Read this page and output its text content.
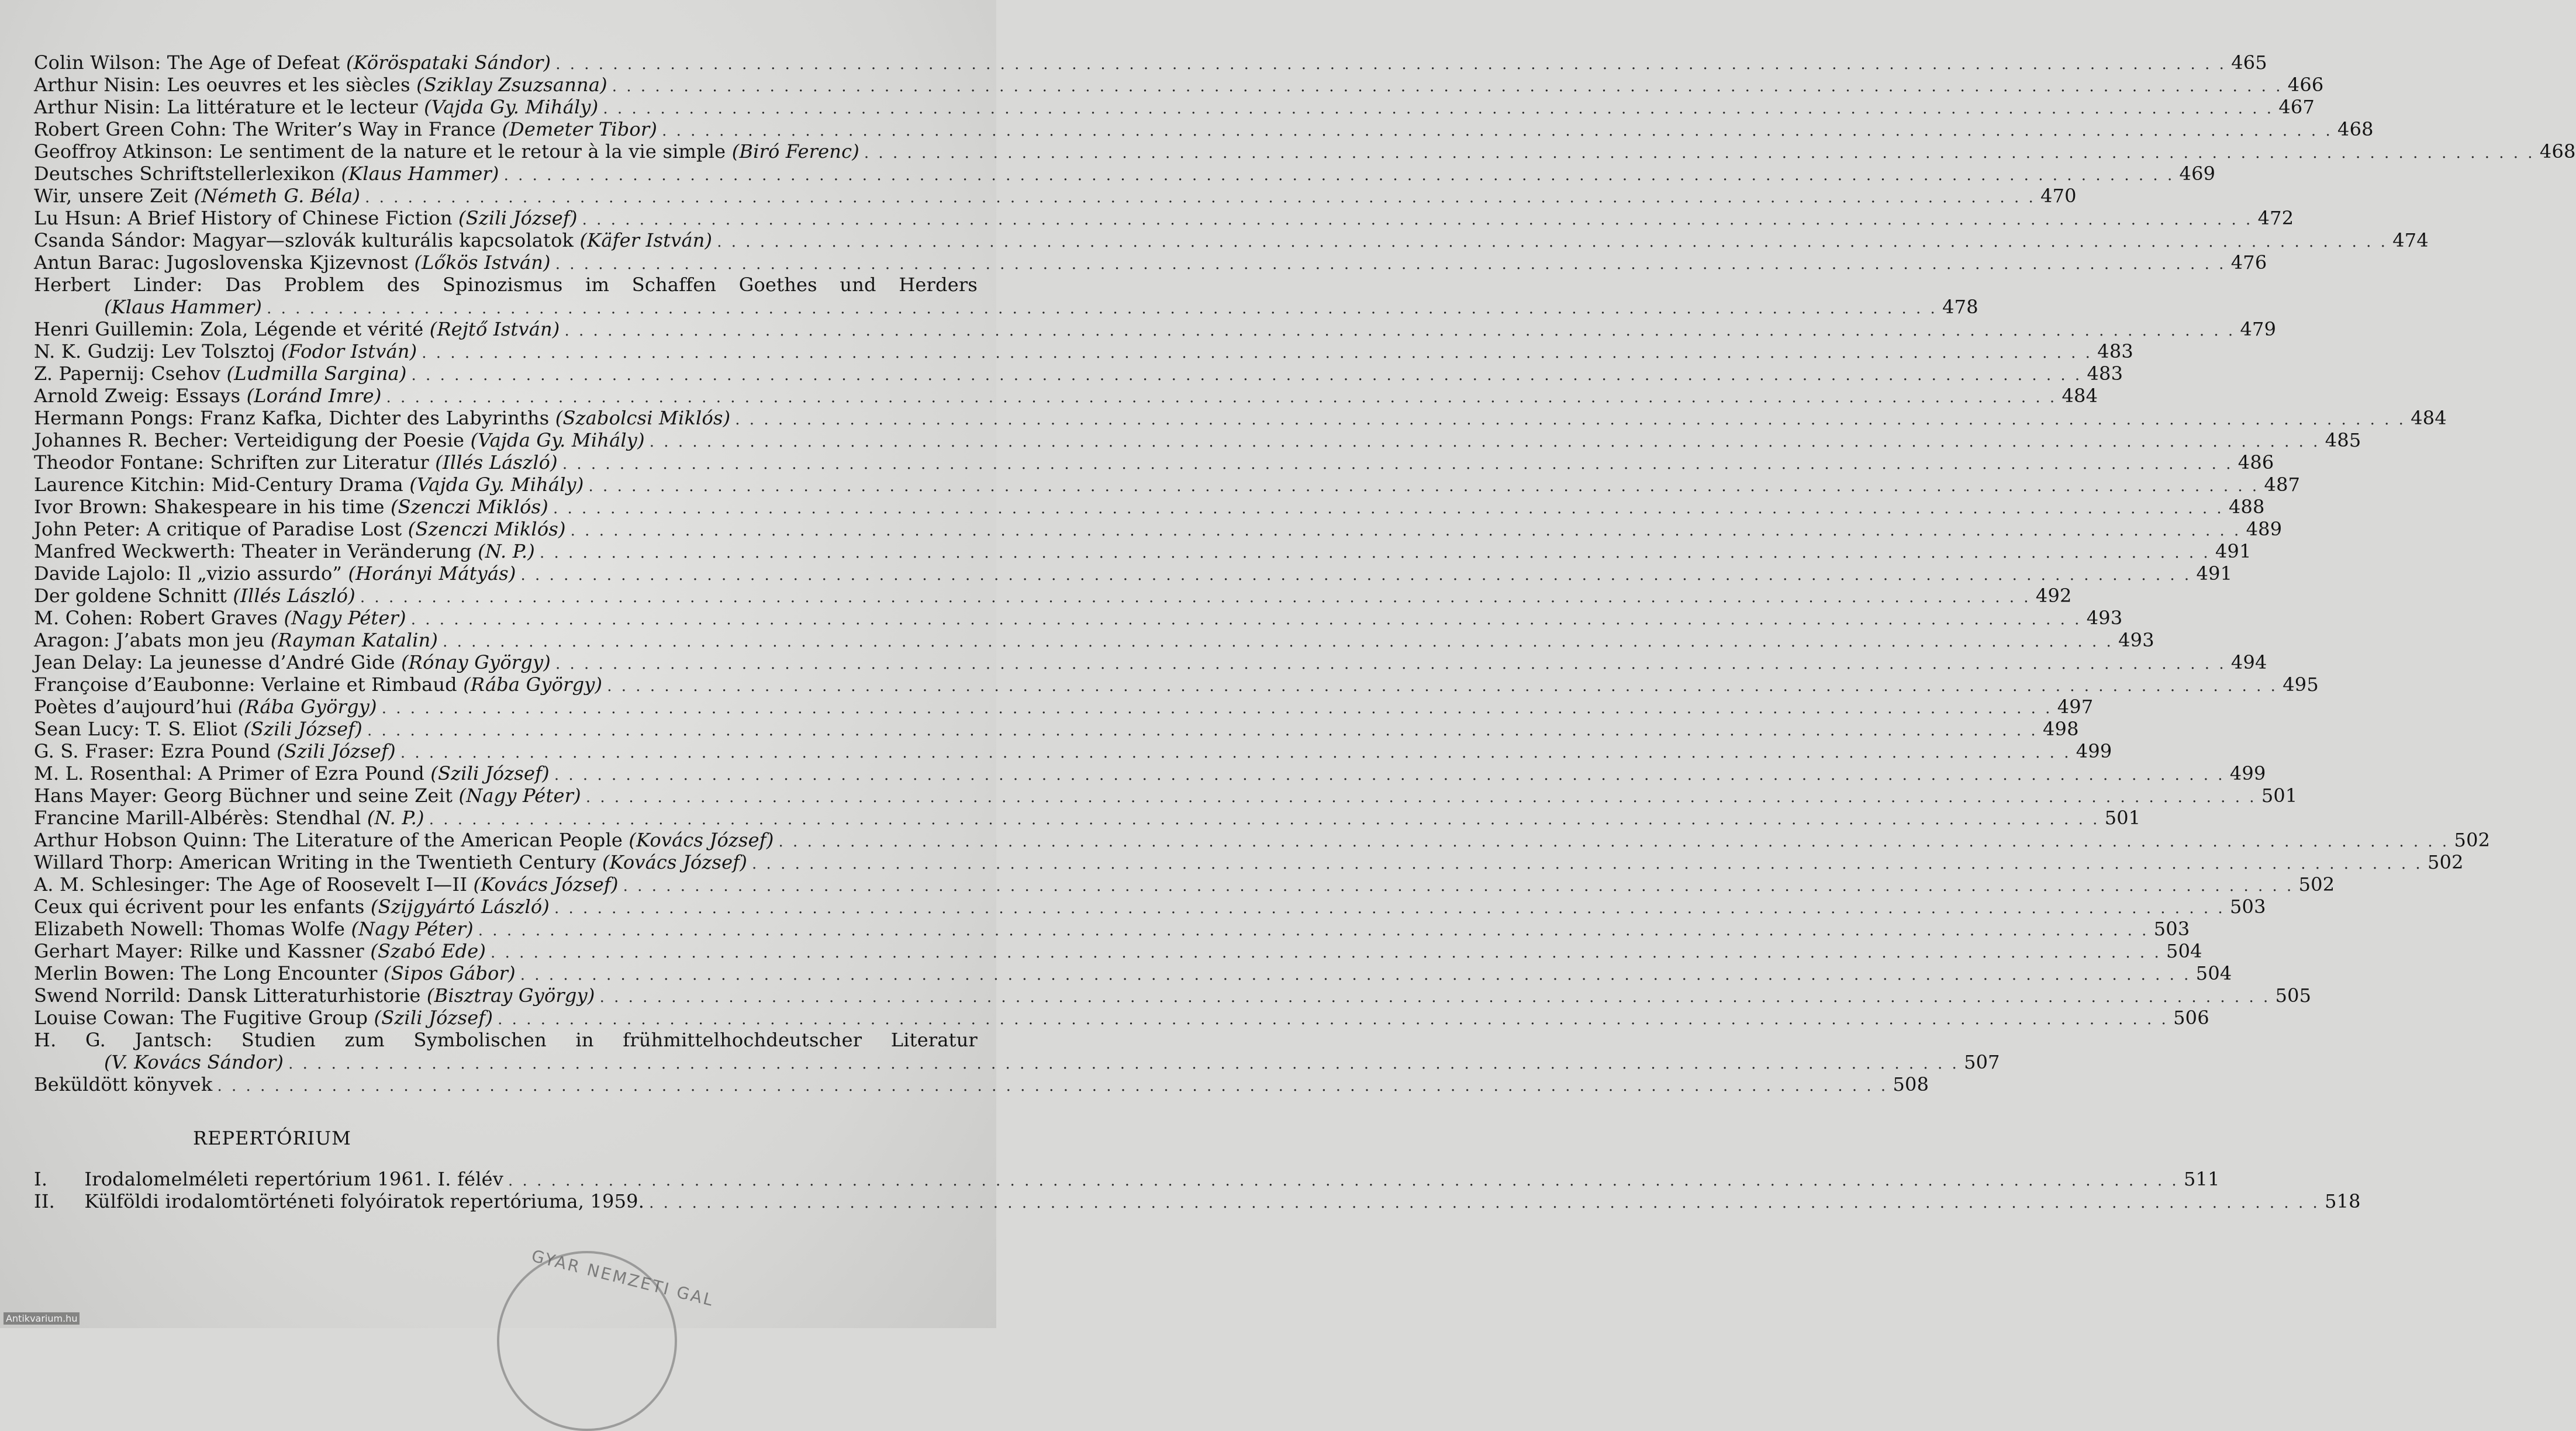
Colin Wilson: The Age of Defeat (Köröspataki Sándor) . . .	465
Arthur Nisin: Les oeuvres et les siècles (Sziklay Zsuzsanna) . . .	466
Arthur Nisin: La littérature et le lecteur (Vajda Gy. Mihály) . . .	467
Robert Green Cohn: The Writer’s Way in France (Demeter Tibor) . . .	468
Geoffroy Atkinson: Le sentiment de la nature et le retour à la vie simple (Biró Ferenc) . . .	468
Deutsches Schriftstellerlexikon (Klaus Hammer) . . .	469
Wir, unsere Zeit (Németh G. Béla) . . .	470
Lu Hsun: A Brief History of Chinese Fiction (Szili József) . . .	472
Csanda Sándor: Magyar—szlovák kulturális kapcsolatok (Käfer István) . . .	474
Antun Barac: Jugoslovenska Kjizevnost (Lőkös István) . . .	476
Herbert Linder: Das Problem des Spinozismus im Schaffen Goethes und Herders
(Klaus Hammer) . . .	478
Henri Guillemin: Zola, Légende et vérité (Rejtő István) . . .	479
N. K. Gudzij: Lev Tolsztoj (Fodor István) . . .	483
Z. Papernij: Csehov (Ludmilla Sargina) . . .	483
Arnold Zweig: Essays (Loránd Imre) . . .	484
Hermann Pongs: Franz Kafka, Dichter des Labyrinths (Szabolcsi Miklós) . . .	484
Johannes R. Becher: Verteidigung der Poesie (Vajda Gy. Mihály) . . .	485
Theodor Fontane: Schriften zur Literatur (Illés László) . . .	486
Laurence Kitchin: Mid-Century Drama (Vajda Gy. Mihály) . . .	487
Ivor Brown: Shakespeare in his time (Szenczi Miklós) . . .	488
John Peter: A critique of Paradise Lost (Szenczi Miklós) . . .	489
Manfred Weckwerth: Theater in Veränderung (N. P.) . . .	491
Davide Lajolo: Il „vizio assurdo” (Horányi Mátyás) . . .	491
Der goldene Schnitt (Illés László) . . .	492
M. Cohen: Robert Graves (Nagy Péter) . . .	493
Aragon: J’abats mon jeu (Rayman Katalin) . . .	493
Jean Delay: La jeunesse d’André Gide (Rónay György) . . .	494
Françoise d’Eaubonne: Verlaine et Rimbaud (Rába György) . . .	495
Poètes d’aujourd’hui (Rába György) . . .	497
Sean Lucy: T. S. Eliot (Szili József) . . .	498
G. S. Fraser: Ezra Pound (Szili József) . . .	499
M. L. Rosenthal: A Primer of Ezra Pound (Szili József) . . .	499
Hans Mayer: Georg Büchner und seine Zeit (Nagy Péter) . . .	501
Francine Marill-Albérès: Stendhal (N. P.) . . .	501
Arthur Hobson Quinn: The Literature of the American People (Kovács József) . . .	502
Willard Thorp: American Writing in the Twentieth Century (Kovács József) . . .	502
A. M. Schlesinger: The Age of Roosevelt I—II (Kovács József) . . .	502
Ceux qui écrivent pour les enfants (Szijgyártó László) . . .	503
Elizabeth Nowell: Thomas Wolfe (Nagy Péter) . . .	503
Gerhart Mayer: Rilke und Kassner (Szabó Ede) . . .	504
Merlin Bowen: The Long Encounter (Sipos Gábor) . . .	504
Swend Norrild: Dansk Litteraturhistorie (Bisztray György) . . .	505
Louise Cowan: The Fugitive Group (Szili József) . . .	506
H. G. Jantsch: Studien zum Symbolischen in frühmittelhochdeutscher Literatur
(V. Kovács Sándor) . . .	507
Beküldött könyvek . . .	508
REPERTÓRIUM
I. Irodalomelméleti repertórium 1961. I. félév . . .	511
II. Külföldi irodalomtörténeti folyóiratok repertóriuma, 1959. . . .	518
GYAR NEMZETI GAL
Antikvarium.hu
